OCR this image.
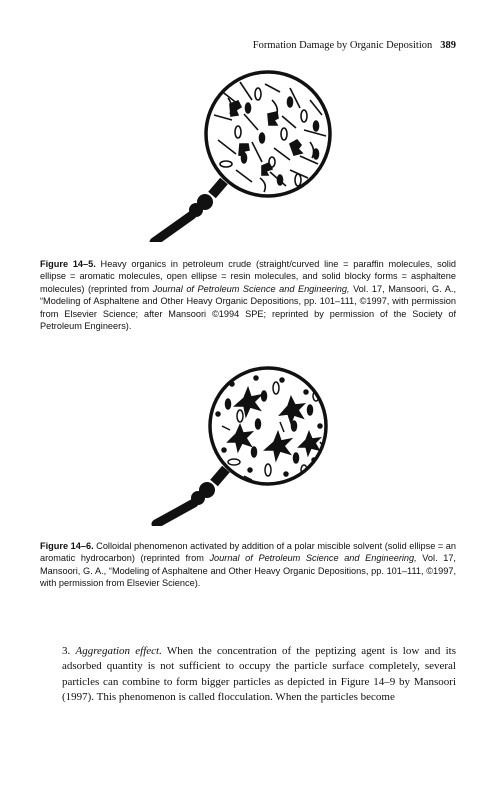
Formation Damage by Organic Deposition 389
Figure 14–5. Heavy organics in petroleum crude (straight/curved line = paraffin molecules, solid ellipse = aromatic molecules, open ellipse = resin molecules, and solid blocky forms = asphaltene molecules) (reprinted from Journal of Petroleum Science and Engineering, Vol. 17, Mansoori, G. A., “Modeling of Asphaltene and Other Heavy Organic Depositions, pp. 101–111, ©1997, with permission from Elsevier Science; after Mansoori ©1994 SPE; reprinted by permission of the Society of Petroleum Engineers).
Figure 14–6. Colloidal phenomenon activated by addition of a polar miscible solvent (solid ellipse = an aromatic hydrocarbon) (reprinted from Journal of Petroleum Science and Engineering, Vol. 17, Mansoori, G. A., “Modeling of Asphaltene and Other Heavy Organic Depositions, pp. 101–111, ©1997, with permission from Elsevier Science).
3. Aggregation effect. When the concentration of the peptizing agent is low and its adsorbed quantity is not sufficient to occupy the particle surface completely, several particles can combine to form bigger particles as depicted in Figure 14–9 by Mansoori (1997). This phenomenon is called flocculation. When the particles become
